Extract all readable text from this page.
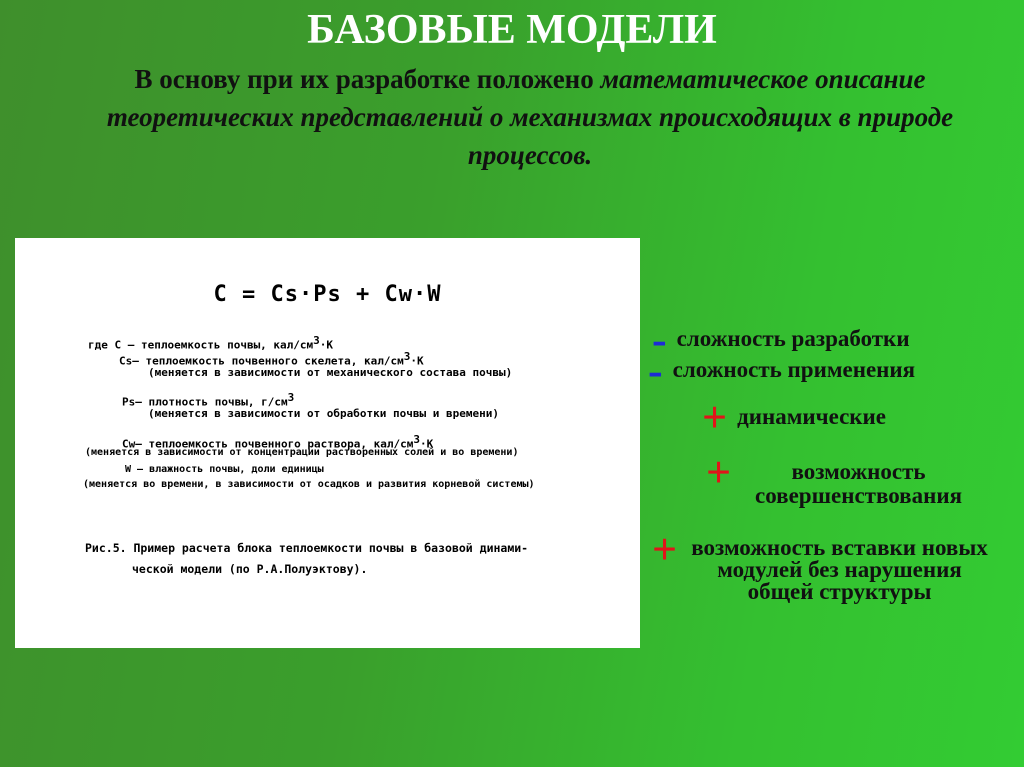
БАЗОВЫЕ МОДЕЛИ
В основу при их разработке положено математическое описание теоретических представлений о механизмах происходящих в природе процессов.
C = Cs·Ps + Cw·W
где C – теплоемкость почвы, кал/$см^3\cdot K$
Cs– теплоемкость почвенного скелета, кал/$см^3\cdot K$
(меняется в зависимости от механического состава почвы)
Ps– плотность почвы, $г/см^3$
(меняется в зависимости от обработки почвы и времени)
Cw– теплоемкость почвенного раствора, кал/$см^3\cdot K$
(меняется в зависимости от концентрации растворенных солей и во времени)
W – влажность почвы, доли единицы
(меняется во времени, в зависимости от осадков и развития корневой системы)
Рис.5. Пример расчета блока теплоемкости почвы в базовой динами-
ческой модели (по Р.А.Полуэктову).
- сложность разработки
- сложность применения
+ динамические
+	возможность совершенствования
+ возможность вставки новых модулей без нарушения общей структуры
